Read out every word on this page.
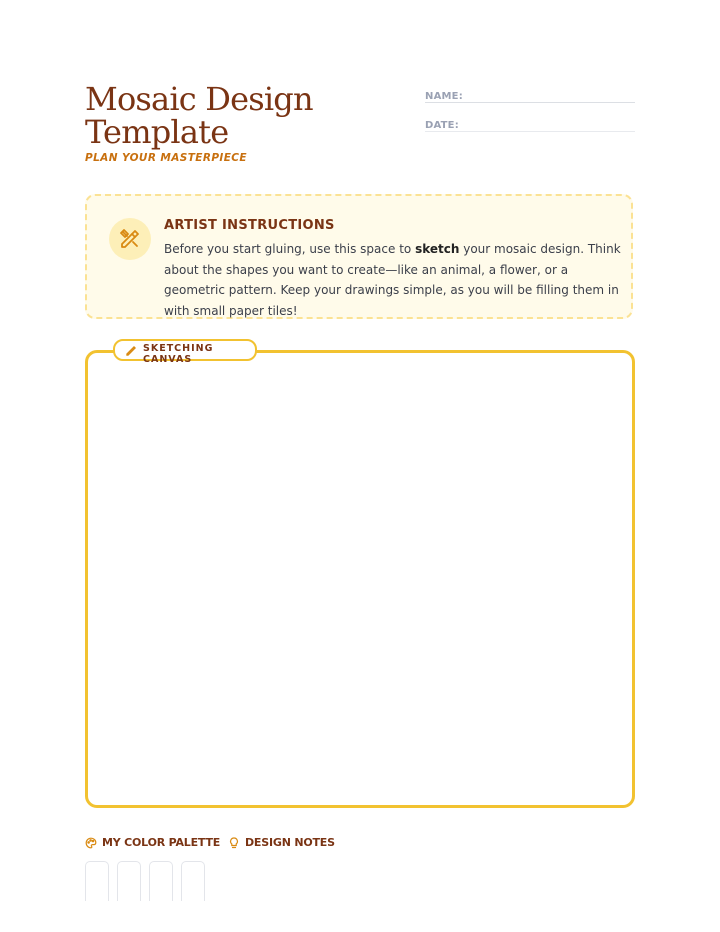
Mosaic Design
Template
PLAN YOUR MASTERPIECE
NAME:
DATE:
ARTIST INSTRUCTIONS
Before you start gluing, use this space to sketch your mosaic design. Think about the shapes you want to create—like an animal, a flower, or a geometric pattern. Keep your drawings simple, as you will be filling them in with small paper tiles!
SKETCHING CANVAS
MY COLOR PALETTE DESIGN NOTES
